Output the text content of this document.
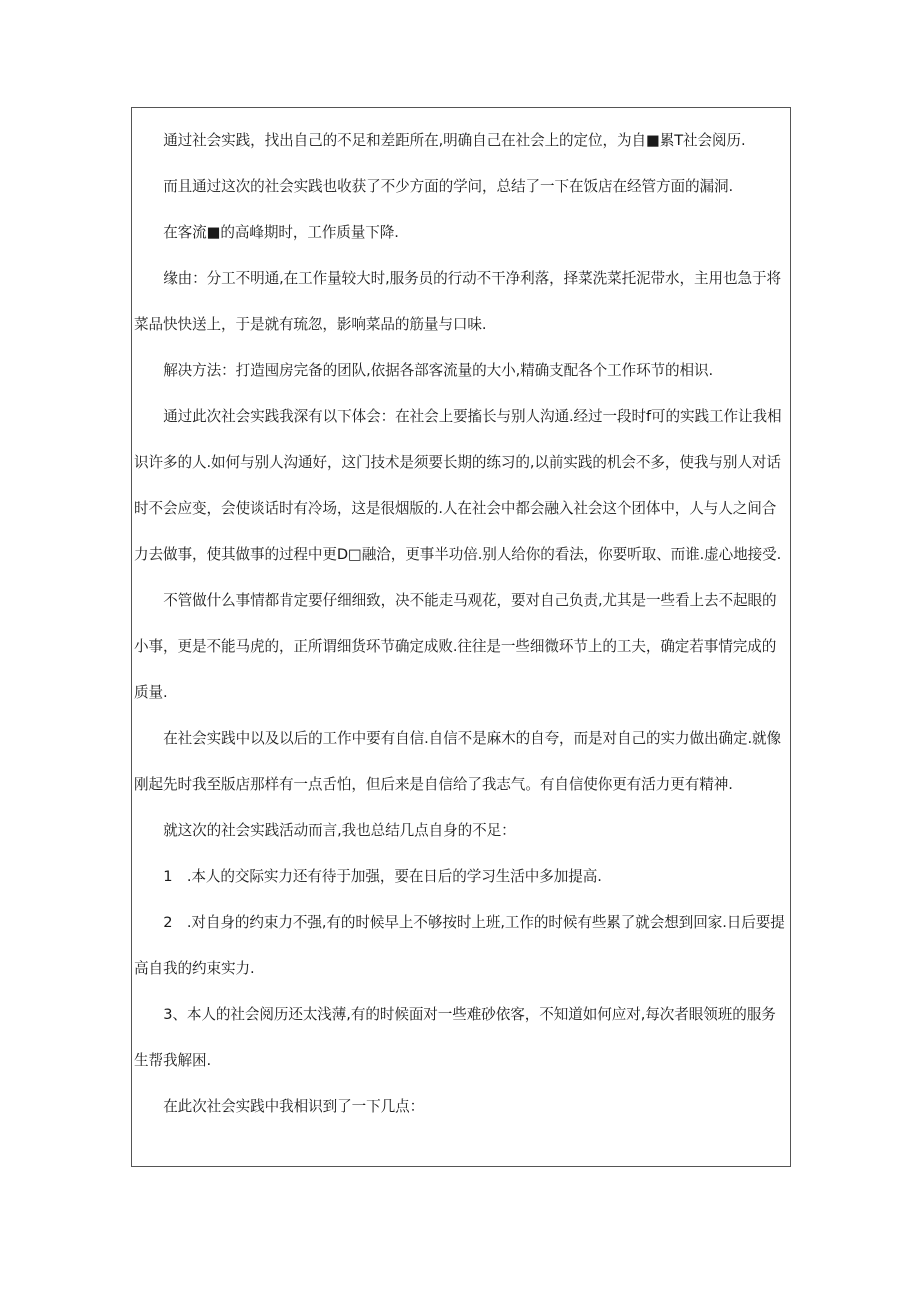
通过社会实践，找出自己的不足和差距所在,明确自己在社会上的定位，为自■累T社会阅历.

而且通过这次的社会实践也收获了不少方面的学问，总结了一下在饭店在经管方面的漏洞.

在客流■的高峰期时，工作质量下降.

缘由：分工不明通,在工作量较大时,服务员的行动不干净利落，择菜洗菜托泥带水，主用也急于将
菜品快快送上，于是就有琉忽，影响菜品的筋量与口味.

解决方法：打造囤房完备的团队,依据各部客流量的大小,精确支配各个工作环节的相识.

通过此次社会实践我深有以下体会：在社会上要搐长与别人沟通.经过一段时f可的实践工作让我相
识许多的人.如何与别人沟通好，这门技术是须要长期的练习的,以前实践的机会不多，使我与别人对话
时不会应变，会使谈话时有冷场，这是很烟版的.人在社会中都会融入社会这个团体中，人与人之间合
力去做事，使其做事的过程中更D□融洽，更事半功倍.别人给你的看法，你要听取、而谁.虚心地接受.

不管做什么事情都肯定要仔细细致，决不能走马观花，要对自己负责,尤其是一些看上去不起眼的
小事，更是不能马虎的，正所谓细货环节确定成败.往往是一些细微环节上的工夫，确定若事情完成的
质量.

在社会实践中以及以后的工作中要有自信.自信不是麻木的自夸，而是对自己的实力做出确定.就像
刚起先时我至版店那样有一点舌怕，但后来是自信给了我志气。有自信使你更有活力更有精神.

就这次的社会实践活动而言,我也总结几点自身的不足：

1　.本人的交际实力还有待于加强，要在日后的学习生活中多加提高.

2　.对自身的约束力不强,有的时候早上不够按时上班,工作的时候有些累了就会想到回家.日后要提
高自我的约束实力.

3、本人的社会阅历还太浅薄,有的时候面对一些难砂依客，不知道如何应对,每次者眼领班的服务
生帮我解困.

在此次社会实践中我相识到了一下几点：
